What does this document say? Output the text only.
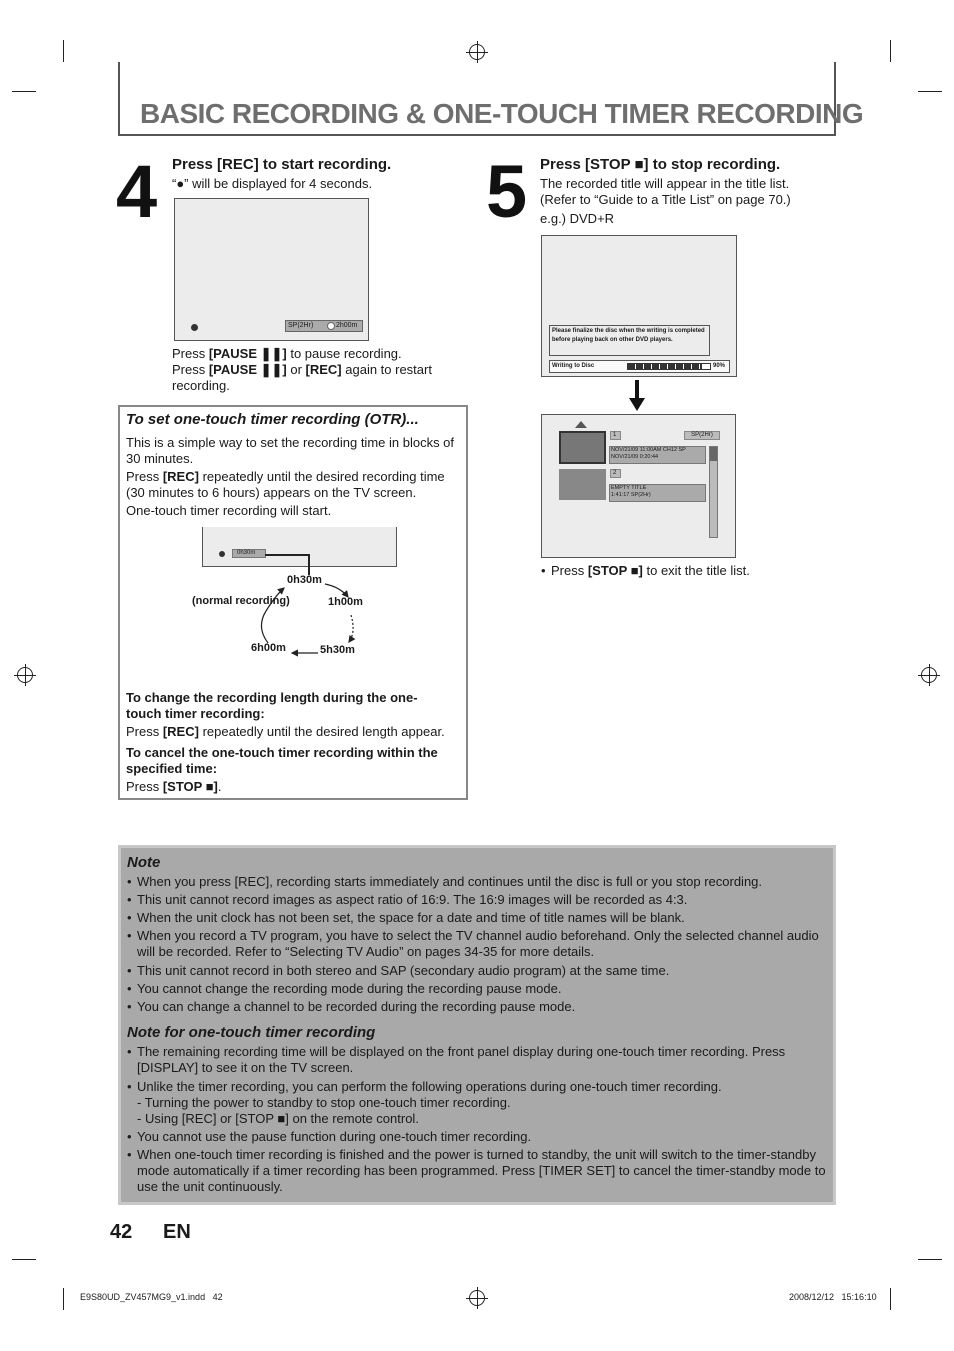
BASIC RECORDING & ONE-TOUCH TIMER RECORDING
4 Press [REC] to start recording.
“●” will be displayed for 4 seconds.
SP(2Hr)	2h00m
Press [PAUSE ❚❚] to pause recording.
Press [PAUSE ❚❚] or [REC] again to restart
recording.
To set one-touch timer recording (OTR)...
This is a simple way to set the recording time in blocks of 30 minutes.
Press [REC] repeatedly until the desired recording time (30 minutes to 6 hours) appears on the TV screen.
One-touch timer recording will start.
0h30m
0h30m
1h00m
5h30m
6h00m
(normal recording)
To change the recording length during the one-touch timer recording:
Press [REC] repeatedly until the desired length appear.
To cancel the one-touch timer recording within the specified time:
Press [STOP ■].
5 Press [STOP ■] to stop recording.
The recorded title will appear in the title list.
(Refer to “Guide to a Title List” on page 70.)
e.g.) DVD+R
Please finalize the disc when the writing is completed before playing back on other DVD players.
Writing to Disc	90%
1	SP(2Hr)
NOV/21/09 11:00AM CH12 SP
NOV/21/09 0:20:44
2
EMPTY TITLE
1:41:17 SP(2Hr)
• Press [STOP ■] to exit the title list.
Note
• When you press [REC], recording starts immediately and continues until the disc is full or you stop recording.
• This unit cannot record images as aspect ratio of 16:9. The 16:9 images will be recorded as 4:3.
• When the unit clock has not been set, the space for a date and time of title names will be blank.
• When you record a TV program, you have to select the TV channel audio beforehand. Only the selected channel audio will be recorded. Refer to “Selecting TV Audio” on pages 34-35 for more details.
• This unit cannot record in both stereo and SAP (secondary audio program) at the same time.
• You cannot change the recording mode during the recording pause mode.
• You can change a channel to be recorded during the recording pause mode.
Note for one-touch timer recording
• The remaining recording time will be displayed on the front panel display during one-touch timer recording. Press [DISPLAY] to see it on the TV screen.
• Unlike the timer recording, you can perform the following operations during one-touch timer recording.
- Turning the power to standby to stop one-touch timer recording.
- Using [REC] or [STOP ■] on the remote control.
• You cannot use the pause function during one-touch timer recording.
• When one-touch timer recording is finished and the power is turned to standby, the unit will switch to the timer-standby mode automatically if a timer recording has been programmed. Press [TIMER SET] to cancel the timer-standby mode to use the unit continuously.
42 EN
E9S80UD_ZV457MG9_v1.indd   42	2008/12/12   15:16:10
